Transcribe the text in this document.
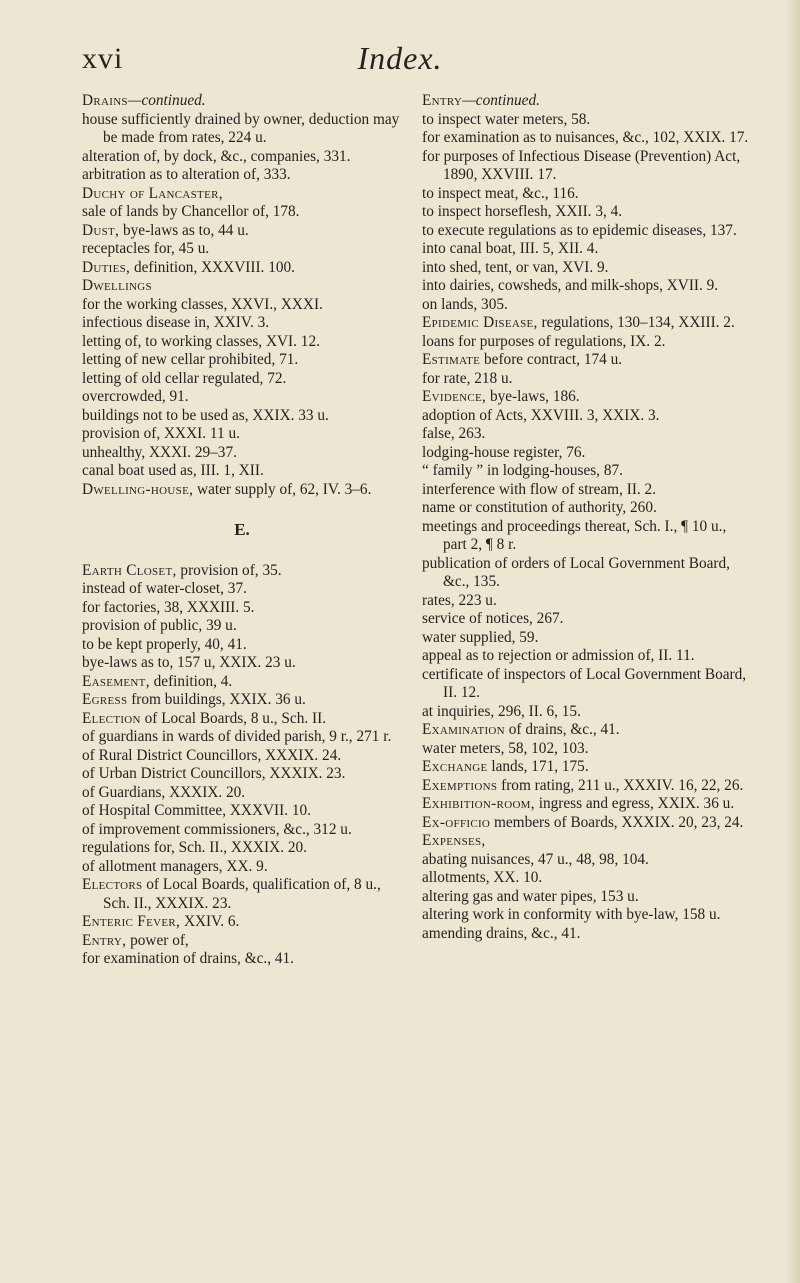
xvi	Index.

Drains—continued.

house sufficiently drained by owner, deduction may be made from rates, 224 u.

alteration of, by dock, &c., companies, 331.

arbitration as to alteration of, 333.

Duchy of Lancaster,

sale of lands by Chancellor of, 178.

Dust, bye-laws as to, 44 u.

receptacles for, 45 u.

Duties, definition, XXXVIII. 100.

Dwellings

for the working classes, XXVI., XXXI.

infectious disease in, XXIV. 3.

letting of, to working classes, XVI. 12.

letting of new cellar prohibited, 71.

letting of old cellar regulated, 72.

overcrowded, 91.

buildings not to be used as, XXIX. 33 u.

provision of, XXXI. 11 u.

unhealthy, XXXI. 29–37.

canal boat used as, III. 1, XII.

Dwelling-house, water supply of, 62, IV. 3–6.

E.

Earth Closet, provision of, 35.

instead of water-closet, 37.

for factories, 38, XXXIII. 5.

provision of public, 39 u.

to be kept properly, 40, 41.

bye-laws as to, 157 u, XXIX. 23 u.

Easement, definition, 4.

Egress from buildings, XXIX. 36 u.

Election of Local Boards, 8 u., Sch. II.

of guardians in wards of divided parish, 9 r., 271 r.

of Rural District Councillors, XXXIX. 24.

of Urban District Councillors, XXXIX. 23.

of Guardians, XXXIX. 20.

of Hospital Committee, XXXVII. 10.

of improvement commissioners, &c., 312 u.

regulations for, Sch. II., XXXIX. 20.

of allotment managers, XX. 9.

Electors of Local Boards, qualification of, 8 u., Sch. II., XXXIX. 23.

Enteric Fever, XXIV. 6.

Entry, power of,

for examination of drains, &c., 41.

Entry—continued.

to inspect water meters, 58.

for examination as to nuisances, &c., 102, XXIX. 17.

for purposes of Infectious Disease (Prevention) Act, 1890, XXVIII. 17.

to inspect meat, &c., 116.

to inspect horseflesh, XXII. 3, 4.

to execute regulations as to epidemic diseases, 137.

into canal boat, III. 5, XII. 4.

into shed, tent, or van, XVI. 9.

into dairies, cowsheds, and milk-shops, XVII. 9.

on lands, 305.

Epidemic Disease, regulations, 130–134, XXIII. 2.

loans for purposes of regulations, IX. 2.

Estimate before contract, 174 u.

for rate, 218 u.

Evidence, bye-laws, 186.

adoption of Acts, XXVIII. 3, XXIX. 3.

false, 263.

lodging-house register, 76.

“ family ” in lodging-houses, 87.

interference with flow of stream, II. 2.

name or constitution of authority, 260.

meetings and proceedings thereat, Sch. I., ¶ 10 u., part 2, ¶ 8 r.

publication of orders of Local Government Board, &c., 135.

rates, 223 u.

service of notices, 267.

water supplied, 59.

appeal as to rejection or admission of, II. 11.

certificate of inspectors of Local Government Board, II. 12.

at inquiries, 296, II. 6, 15.

Examination of drains, &c., 41.

water meters, 58, 102, 103.

Exchange lands, 171, 175.

Exemptions from rating, 211 u., XXXIV. 16, 22, 26.

Exhibition-room, ingress and egress, XXIX. 36 u.

Ex-officio members of Boards, XXXIX. 20, 23, 24.

Expenses,

abating nuisances, 47 u., 48, 98, 104.

allotments, XX. 10.

altering gas and water pipes, 153 u.

altering work in conformity with bye-law, 158 u.

amending drains, &c., 41.
